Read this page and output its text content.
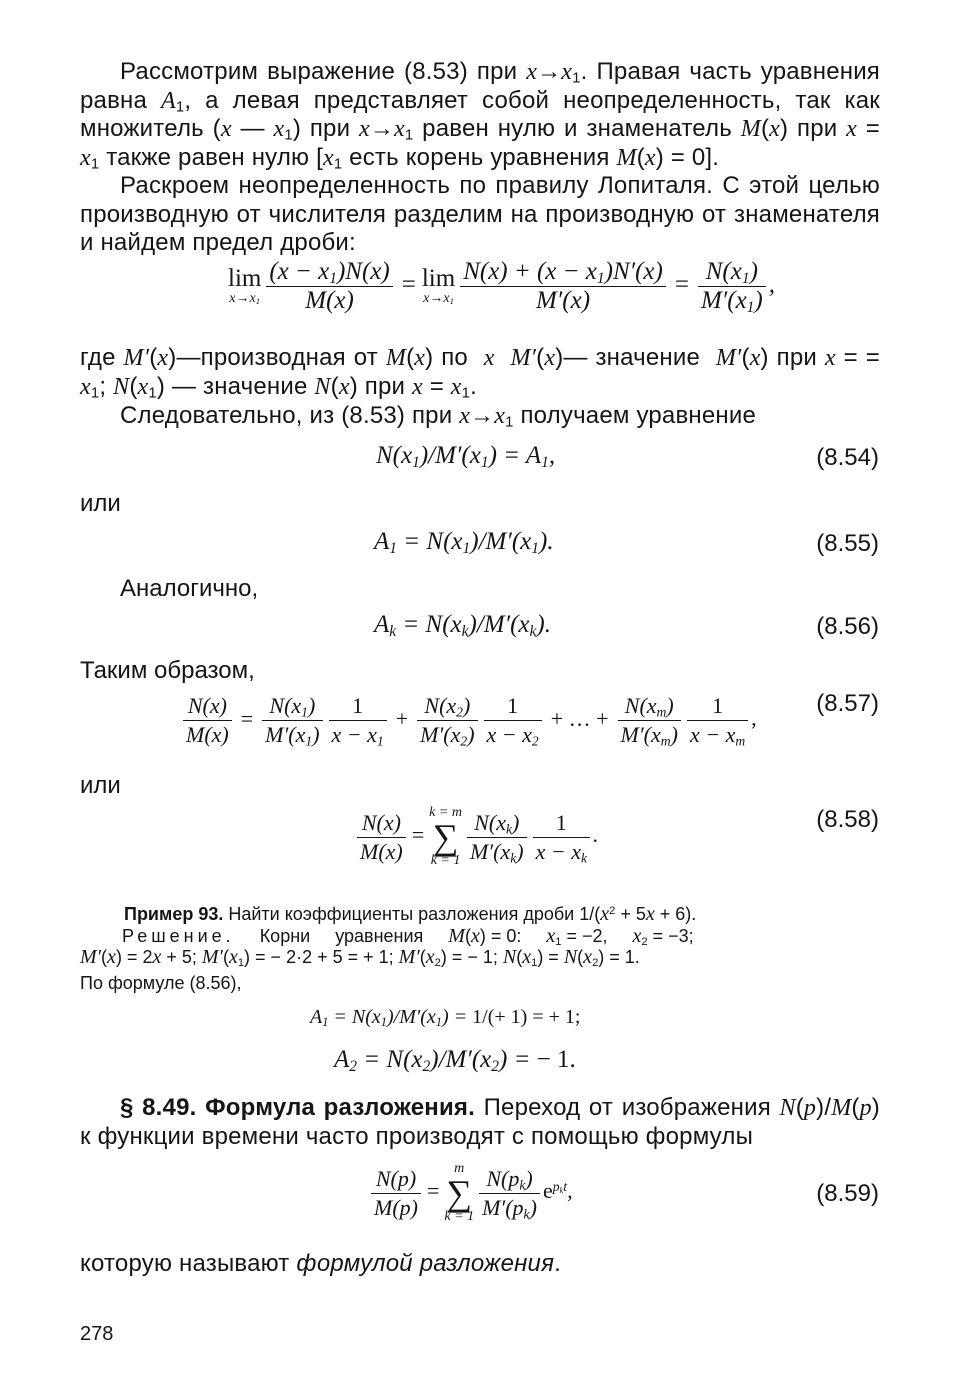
Рассмотрим выражение (8.53) при $x\to x_1$. Правая часть уравнения равна $A_1$, а левая представляет собой неопределенность, так как множитель (x — $x_1$) при $x\to x_1$ равен нулю и знаменатель M(x) при $x = x_1$ также равен нулю [$x_1$ есть корень уравнения M(x) = 0].
Раскроем неопределенность по правилу Лопиталя. С этой целью производную от числителя разделим на производную от знаменателя и найдем предел дроби:
lim
$x\to x_1 \frac{(x - x_1)N(x)}{M(x)} = \lim$
$x\to x_1 \frac{N(x) + (x - x_1)N'(x)}{M'(x)} = \frac{N(x_1)}{M'(x_1)}$ ,
где M′(x)—производная от M(x) по  x M′(x)— значение  M′(x) при x = = $x_1$; $N(x_1)$ — значение N(x) при $x = x_1$.
Следовательно, из (8.53) при $x\to x_1$ получаем уравнение
$N(x_1)/M'(x_1) = A_1$,	(8.54)
или
$A_1 = N(x_1)/M'(x_1)$.	(8.55)
Аналогично,
$A_k = N(x_k)/M'(x_k)$.	(8.56)
Таким образом,
$\frac{N(x)}{M(x)} = \frac{N(x_1)}{M'(x_1)} \frac{1}{x - x_1} + \frac{N(x_2)}{M'(x_2)} \frac{1}{x - x_2}$ + … + $\frac{N(x_m)}{M'(x_m)} \frac{1}{x - x_m}$ ,
(8.57)
или
$\frac{N(x)}{M(x)}$ =
k = m
∑
$k = 1 \frac{N(x_k)}{M'(x_k)} \frac{1}{x - x_k}$ .
(8.58)
Пример 93. Найти коэффициенты разложения дроби $1/(x^2 + 5x + 6)$.
Решение.     Корни     уравнения     M(x) = 0:     $x_1 = -2$,     $x_2 = -3$;
M′(x) = 2x + 5; $M'(x_1)$ = − 2·2 + 5 = + 1; $M'(x_2)$ = − 1; $N(x_1) = N(x_2) = 1$.
По формуле (8.56),
$A_1 = N(x_1)/M'(x_1) = 1/(+ 1)$ = + 1;
$A_2 = N(x_2)/M'(x_2)$ = − 1.
§ 8.49. Формула разложения. Переход от изображения N(p)/M(p) к функции времени часто производят с помощью формулы
$\frac{N(p)}{M(p)}$ =
m
∑
$k = 1 \frac{N(p_k)}{M'(p_k)} e^{p_kt}$,	(8.59)
которую называют формулой разложения.
278
